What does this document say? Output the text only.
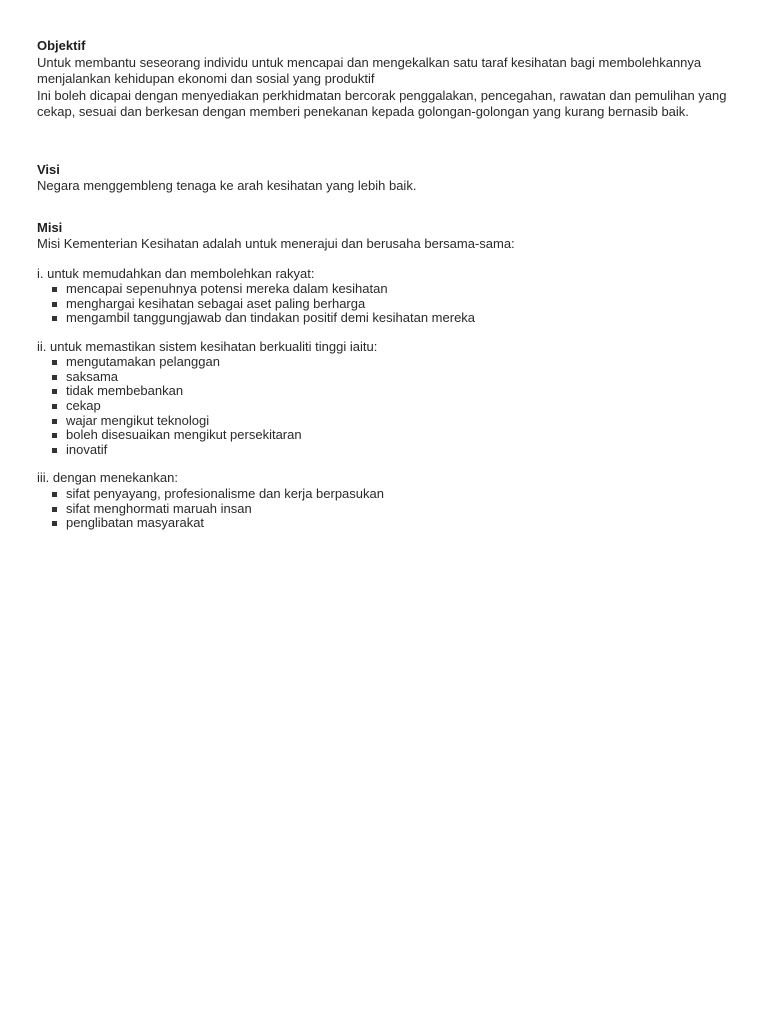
Objektif
Untuk membantu seseorang individu untuk mencapai dan mengekalkan satu taraf kesihatan bagi membolehkannya menjalankan kehidupan ekonomi dan sosial yang produktif
Ini boleh dicapai dengan menyediakan perkhidmatan bercorak penggalakan, pencegahan, rawatan dan pemulihan yang cekap, sesuai dan berkesan dengan memberi penekanan kepada golongan-golongan yang kurang bernasib baik.
Visi
Negara menggembleng tenaga ke arah kesihatan yang lebih baik.
Misi
Misi Kementerian Kesihatan adalah untuk menerajui dan berusaha bersama-sama:
i. untuk memudahkan dan membolehkan rakyat:
mencapai sepenuhnya potensi mereka dalam kesihatan
menghargai kesihatan sebagai aset paling berharga
mengambil tanggungjawab dan tindakan positif demi kesihatan mereka
ii. untuk memastikan sistem kesihatan berkualiti tinggi iaitu:
mengutamakan pelanggan
saksama
tidak membebankan
cekap
wajar mengikut teknologi
boleh disesuaikan mengikut persekitaran
inovatif
iii. dengan menekankan:
sifat penyayang, profesionalisme dan kerja berpasukan
sifat menghormati maruah insan
penglibatan masyarakat
